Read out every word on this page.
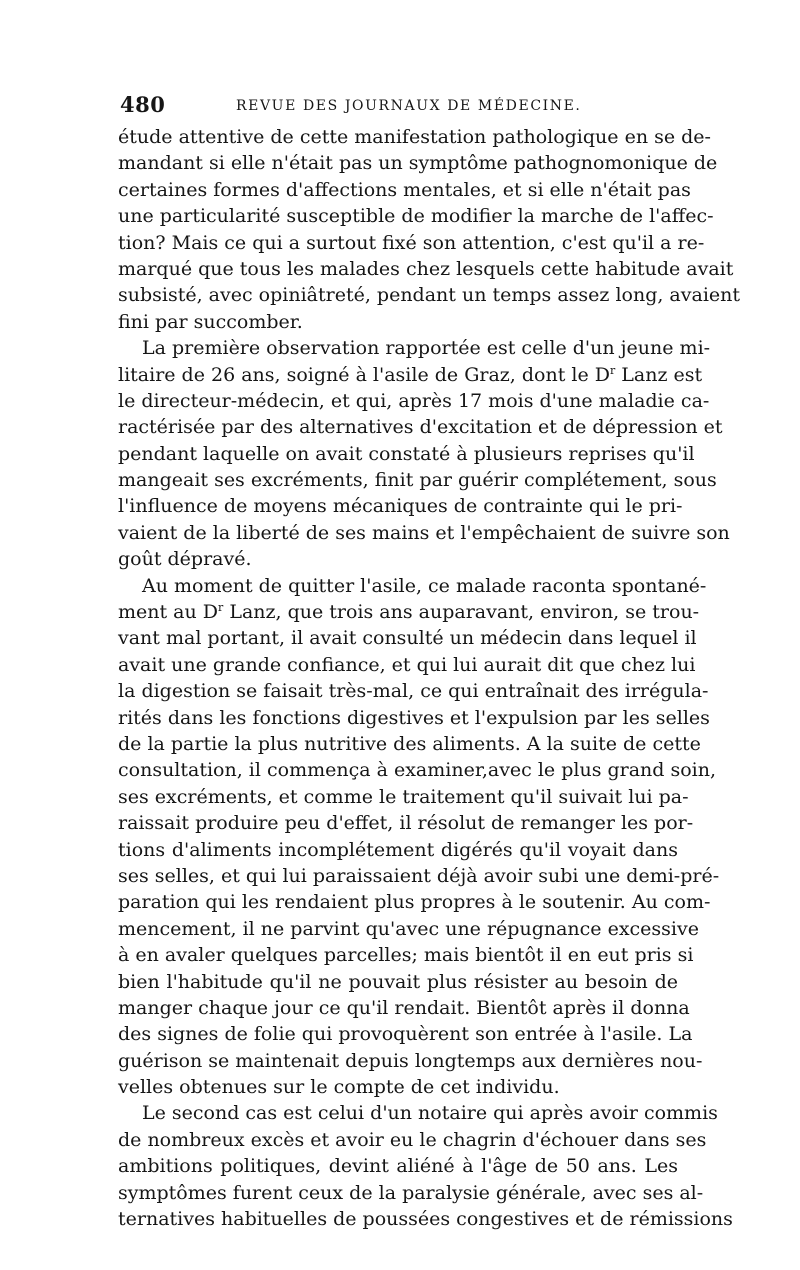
480	REVUE DES JOURNAUX DE MÉDECINE.
étude attentive de cette manifestation pathologique en se de-
mandant si elle n'était pas un symptôme pathognomonique de
certaines formes d'affections mentales, et si elle n'était pas
une particularité susceptible de modifier la marche de l'affec-
tion? Mais ce qui a surtout fixé son attention, c'est qu'il a re-
marqué que tous les malades chez lesquels cette habitude avait
subsisté, avec opiniâtreté, pendant un temps assez long, avaient
fini par succomber.
La première observation rapportée est celle d'un jeune mi-
litaire de 26 ans, soigné à l'asile de Graz, dont le $D^r$ Lanz est
le directeur-médecin, et qui, après 17 mois d'une maladie ca-
ractérisée par des alternatives d'excitation et de dépression et
pendant laquelle on avait constaté à plusieurs reprises qu'il
mangeait ses excréments, finit par guérir complétement, sous
l'influence de moyens mécaniques de contrainte qui le pri-
vaient de la liberté de ses mains et l'empêchaient de suivre son
goût dépravé.
Au moment de quitter l'asile, ce malade raconta spontané-
ment au $D^r$ Lanz, que trois ans auparavant, environ, se trou-
vant mal portant, il avait consulté un médecin dans lequel il
avait une grande confiance, et qui lui aurait dit que chez lui
la digestion se faisait très-mal, ce qui entraînait des irrégula-
rités dans les fonctions digestives et l'expulsion par les selles
de la partie la plus nutritive des aliments. A la suite de cette
consultation, il commença à examiner,avec le plus grand soin,
ses excréments, et comme le traitement qu'il suivait lui pa-
raissait produire peu d'effet, il résolut de remanger les por-
tions d'aliments incomplétement digérés qu'il voyait dans
ses selles, et qui lui paraissaient déjà avoir subi une demi-pré-
paration qui les rendaient plus propres à le soutenir. Au com-
mencement, il ne parvint qu'avec une répugnance excessive
à en avaler quelques parcelles; mais bientôt il en eut pris si
bien l'habitude qu'il ne pouvait plus résister au besoin de
manger chaque jour ce qu'il rendait. Bientôt après il donna
des signes de folie qui provoquèrent son entrée à l'asile. La
guérison se maintenait depuis longtemps aux dernières nou-
velles obtenues sur le compte de cet individu.
Le second cas est celui d'un notaire qui après avoir commis
de nombreux excès et avoir eu le chagrin d'échouer dans ses
ambitions politiques, devint aliéné à l'âge de 50 ans. Les
symptômes furent ceux de la paralysie générale, avec ses al-
ternatives habituelles de poussées congestives et de rémissions
